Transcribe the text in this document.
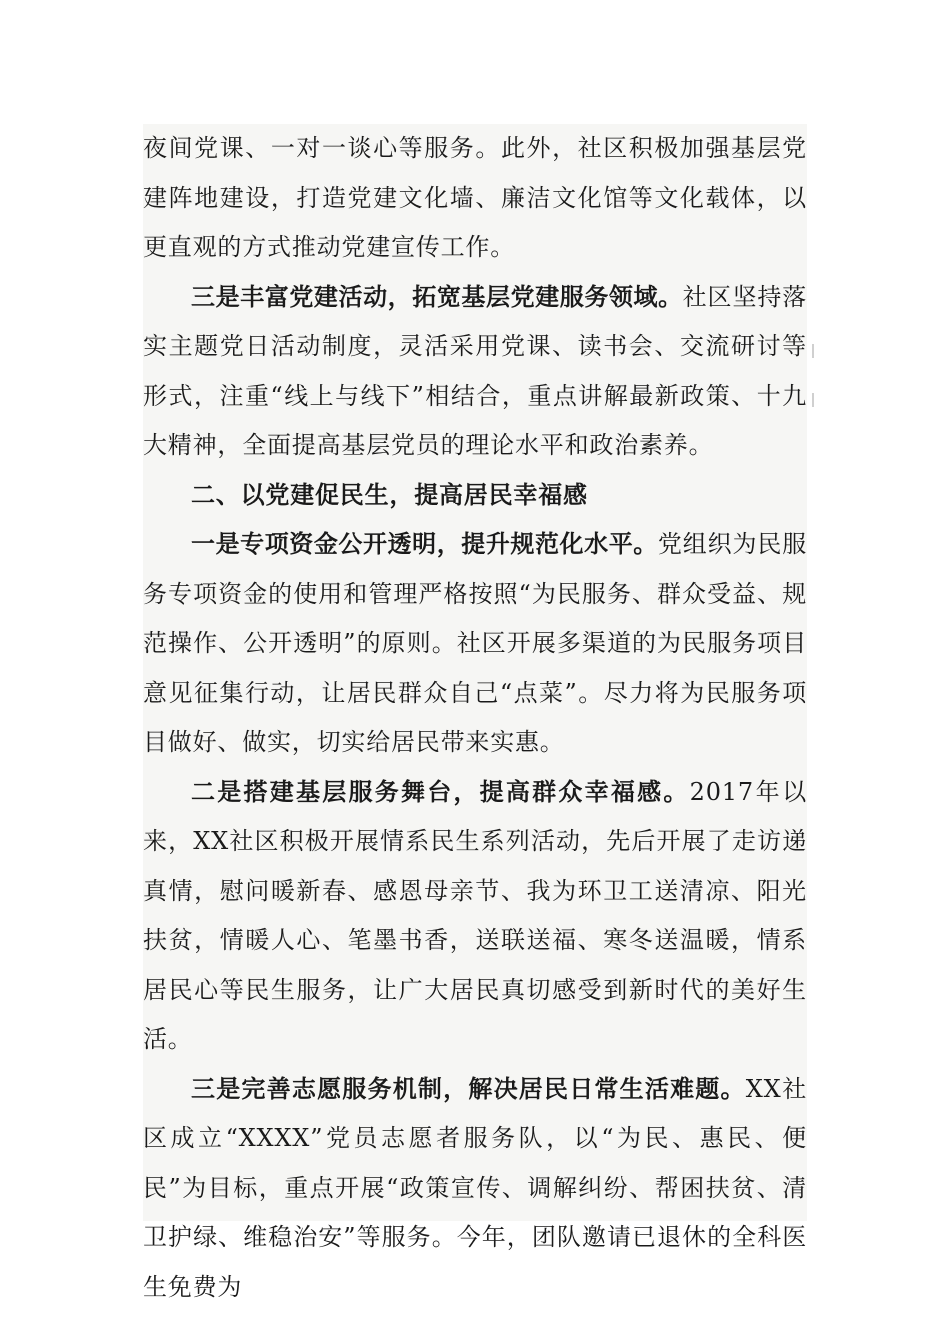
夜间党课、一对一谈心等服务。此外，社区积极加强基层党建阵地建设，打造党建文化墙、廉洁文化馆等文化载体，以更直观的方式推动党建宣传工作。

三是丰富党建活动，拓宽基层党建服务领域。社区坚持落实主题党日活动制度，灵活采用党课、读书会、交流研讨等形式，注重“线上与线下”相结合，重点讲解最新政策、十九大精神，全面提高基层党员的理论水平和政治素养。

二、以党建促民生，提高居民幸福感

一是专项资金公开透明，提升规范化水平。党组织为民服务专项资金的使用和管理严格按照“为民服务、群众受益、规范操作、公开透明”的原则。社区开展多渠道的为民服务项目意见征集行动，让居民群众自己“点菜”。尽力将为民服务项目做好、做实，切实给居民带来实惠。

二是搭建基层服务舞台，提高群众幸福感。2017年以来，XX社区积极开展情系民生系列活动，先后开展了走访递真情，慰问暖新春、感恩母亲节、我为环卫工送清凉、阳光扶贫，情暖人心、笔墨书香，送联送福、寒冬送温暖，情系居民心等民生服务，让广大居民真切感受到新时代的美好生活。

三是完善志愿服务机制，解决居民日常生活难题。XX社区成立“XXXX”党员志愿者服务队，以“为民、惠民、便民”为目标，重点开展“政策宣传、调解纠纷、帮困扶贫、清卫护绿、维稳治安”等服务。今年，团队邀请已退休的全科医生免费为
